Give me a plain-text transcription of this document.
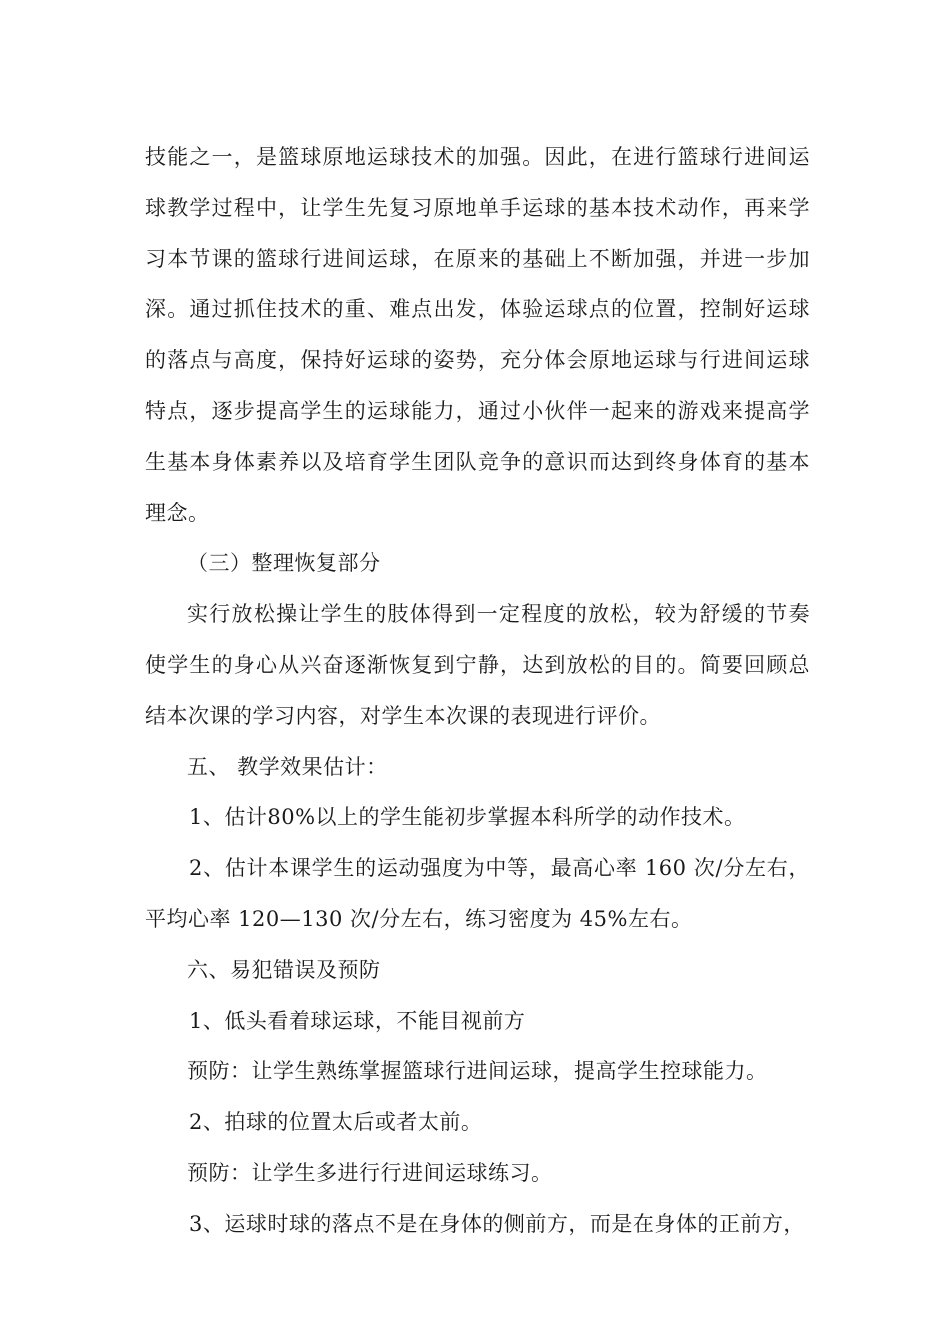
技能之一，是篮球原地运球技术的加强。因此，在进行篮球行进间运球教学过程中，让学生先复习原地单手运球的基本技术动作，再来学习本节课的篮球行进间运球，在原来的基础上不断加强，并进一步加深。通过抓住技术的重、难点出发，体验运球点的位置，控制好运球的落点与高度，保持好运球的姿势，充分体会原地运球与行进间运球特点，逐步提高学生的运球能力，通过小伙伴一起来的游戏来提高学生基本身体素养以及培育学生团队竞争的意识而达到终身体育的基本理念。

（三）整理恢复部分

实行放松操让学生的肢体得到一定程度的放松，较为舒缓的节奏使学生的身心从兴奋逐渐恢复到宁静，达到放松的目的。简要回顾总结本次课的学习内容，对学生本次课的表现进行评价。

五、 教学效果估计：

1、估计80%以上的学生能初步掌握本科所学的动作技术。

2、估计本课学生的运动强度为中等，最高心率 160 次/分左右，平均心率 120—130 次/分左右，练习密度为 45%左右。

六、易犯错误及预防

1、低头看着球运球，不能目视前方

预防：让学生熟练掌握篮球行进间运球，提高学生控球能力。

2、拍球的位置太后或者太前。

预防：让学生多进行行进间运球练习。

3、运球时球的落点不是在身体的侧前方，而是在身体的正前方，
